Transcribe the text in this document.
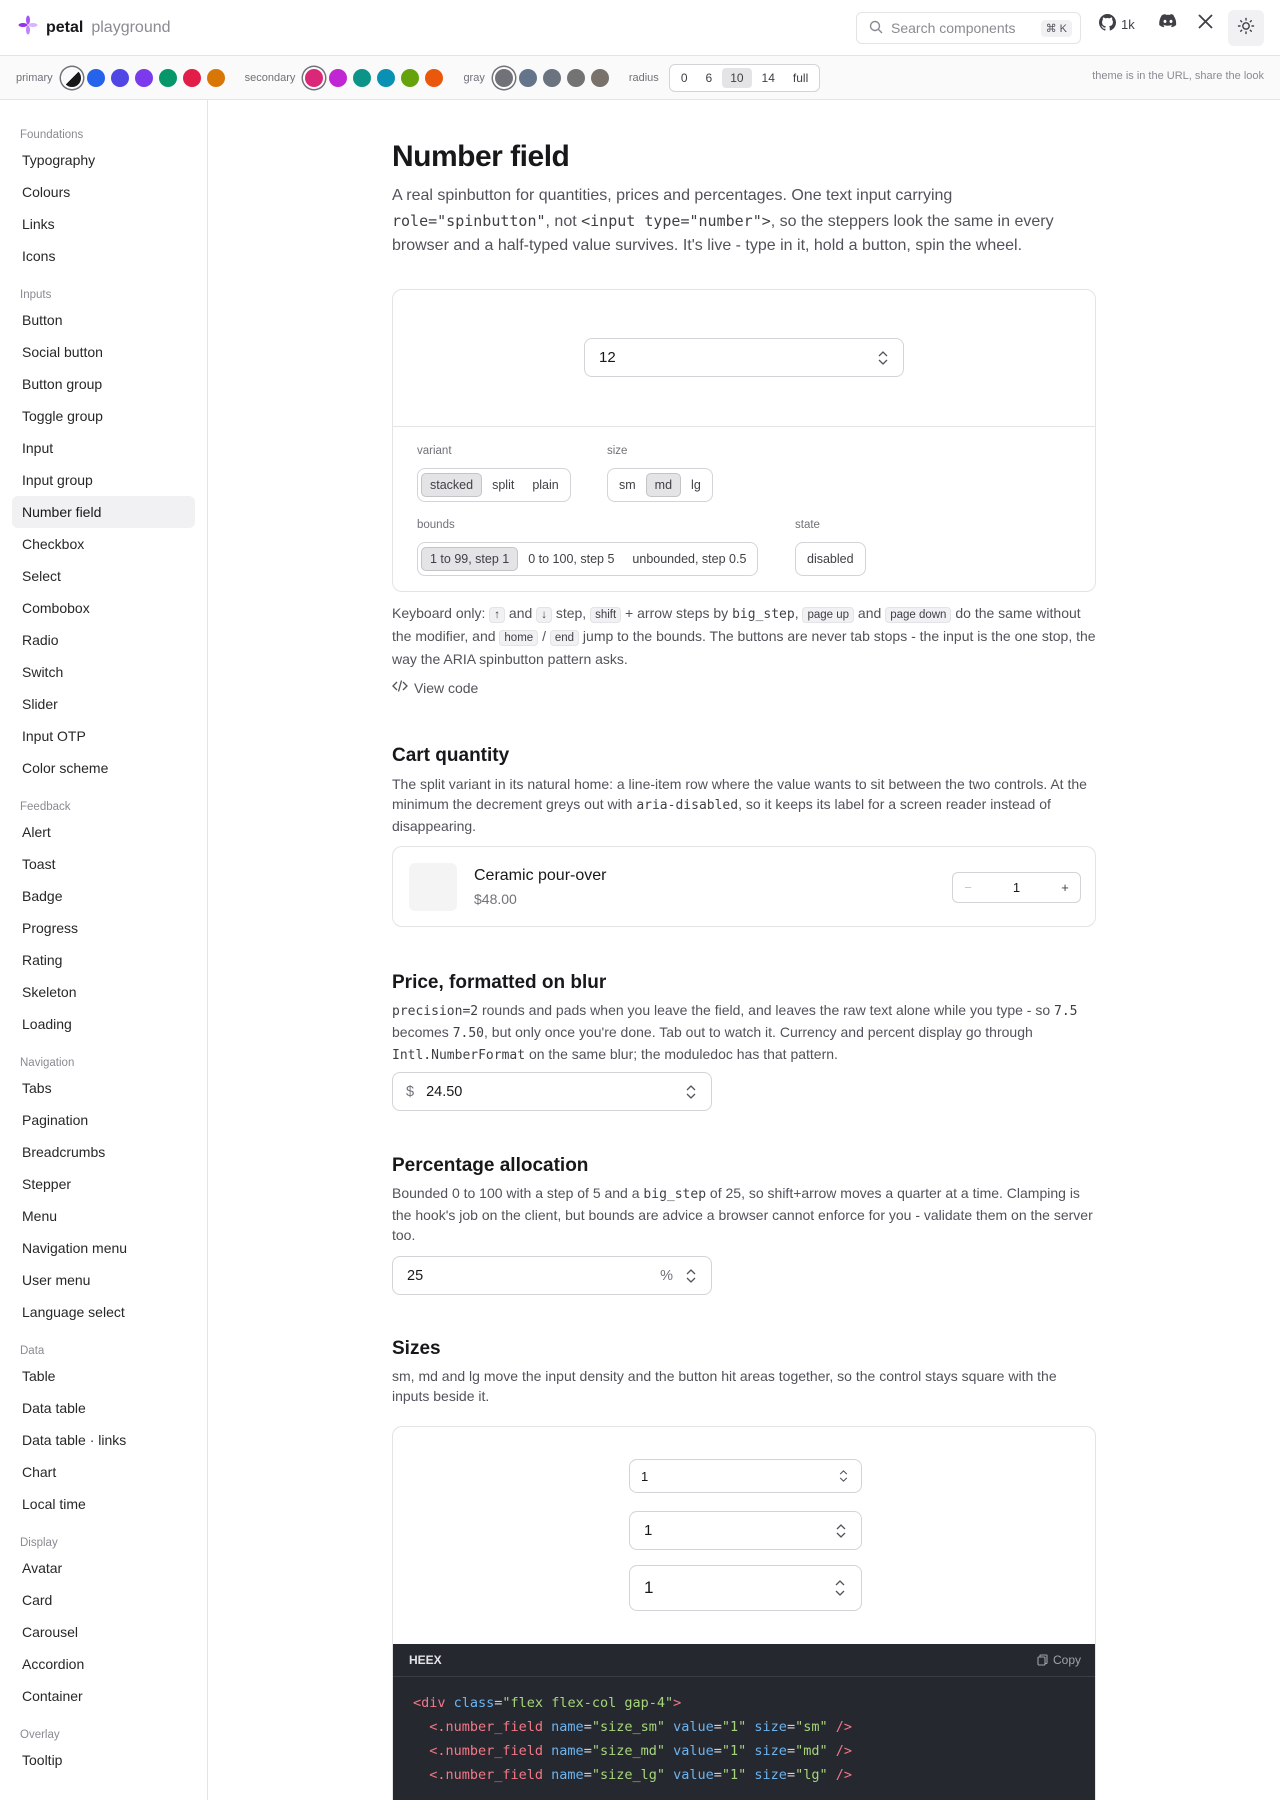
petal playground	Search components	⌘ K	1k
primary	secondary	gray	radius	0	6	10	14	full	theme is in the URL, share the look
Foundations
Typography
Colours
Links
Icons
Inputs
Button
Social button
Button group
Toggle group
Input
Input group
Number field
Checkbox
Select
Combobox
Radio
Switch
Slider
Input OTP
Color scheme
Feedback
Alert
Toast
Badge
Progress
Rating
Skeleton
Loading
Navigation
Tabs
Pagination
Breadcrumbs
Stepper
Menu
Navigation menu
User menu
Language select
Data
Table
Data table
Data table · links
Chart
Local time
Display
Avatar
Card
Carousel
Accordion
Container
Overlay
Tooltip
Number field

A real spinbutton for quantities, prices and percentages. One text input carrying role="spinbutton", not <input type="number">, so the steppers look the same in every browser and a half-typed value survives. It's live - type in it, hold a button, spin the wheel.

12
variant
stacked	split	plain
size
sm	md	lg
bounds
1 to 99, step 1	0 to 100, step 5	unbounded, step 0.5
state
disabled

Keyboard only: ↑ and ↓ step, shift + arrow steps by big_step, page up and page down do the same without the modifier, and home / end jump to the bounds. The buttons are never tab stops - the input is the one stop, the way the ARIA spinbutton pattern asks.

View code
Cart quantity

The split variant in its natural home: a line-item row where the value wants to sit between the two controls. At the minimum the decrement greys out with aria-disabled, so it keeps its label for a screen reader instead of disappearing.

Ceramic pour-over
$48.00
−	1	+
Price, formatted on blur

precision=2 rounds and pads when you leave the field, and leaves the raw text alone while you type - so 7.5 becomes 7.50, but only once you're done. Tab out to watch it. Currency and percent display go through Intl.NumberFormat on the same blur; the moduledoc has that pattern.

$ 24.50
Percentage allocation

Bounded 0 to 100 with a step of 5 and a big_step of 25, so shift+arrow moves a quarter at a time. Clamping is the hook's job on the client, but bounds are advice a browser cannot enforce for you - validate them on the server too.

25	%
Sizes

sm, md and lg move the input density and the button hit areas together, so the control stays square with the inputs beside it.

1
1
1
HEEX	Copy
<div class="flex flex-col gap-4">
<.number_field name="size_sm" value="1" size="sm" />
<.number_field name="size_md" value="1" size="md" />
<.number_field name="size_lg" value="1" size="lg" />
